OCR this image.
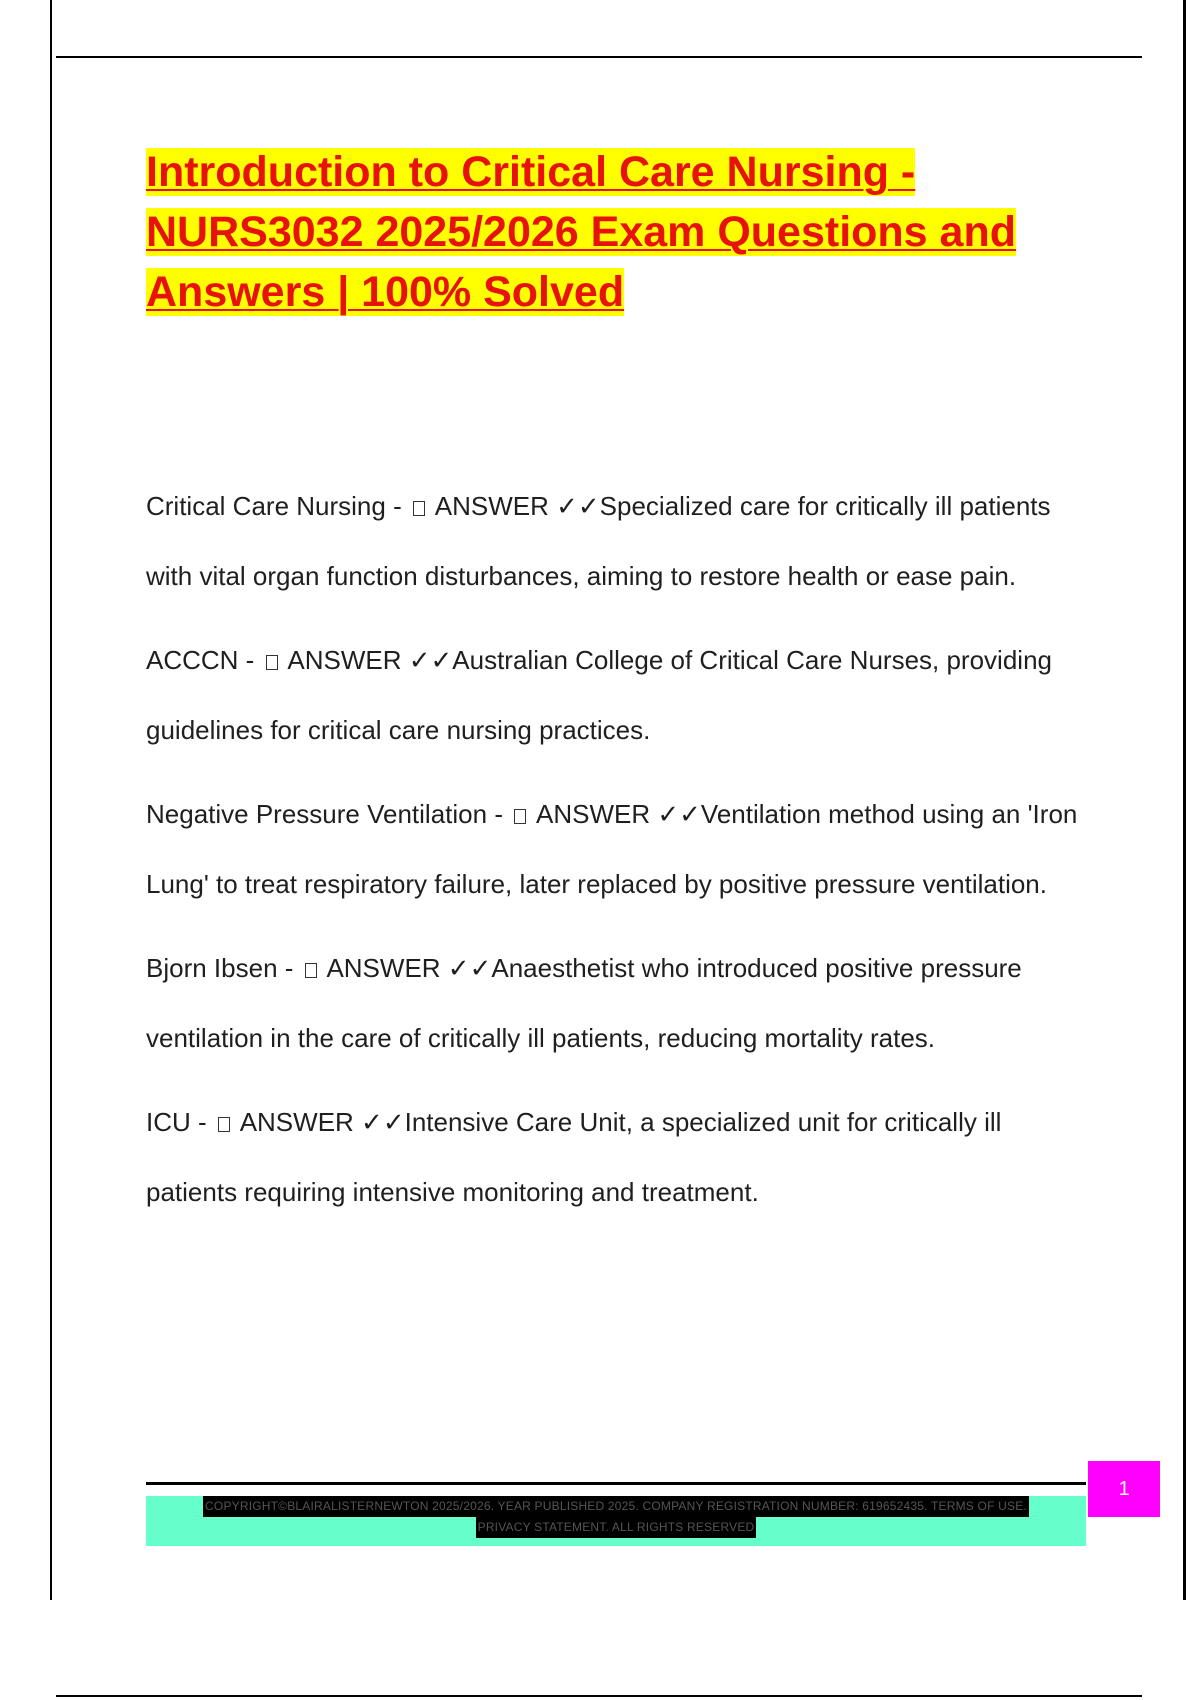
Introduction to Critical Care Nursing - NURS3032 2025/2026 Exam Questions and Answers | 100% Solved

Critical Care Nursing -  ANSWER ✓✓Specialized care for critically ill patients with vital organ function disturbances, aiming to restore health or ease pain.

ACCCN -  ANSWER ✓✓Australian College of Critical Care Nurses, providing guidelines for critical care nursing practices.

Negative Pressure Ventilation -  ANSWER ✓✓Ventilation method using an 'Iron Lung' to treat respiratory failure, later replaced by positive pressure ventilation.

Bjorn Ibsen -  ANSWER ✓✓Anaesthetist who introduced positive pressure ventilation in the care of critically ill patients, reducing mortality rates.

ICU -  ANSWER ✓✓Intensive Care Unit, a specialized unit for critically ill patients requiring intensive monitoring and treatment.

COPYRIGHT©BLAIRALISTERNEWTON 2025/2026. YEAR PUBLISHED 2025. COMPANY REGISTRATION NUMBER: 619652435. TERMS OF USE.
PRIVACY STATEMENT. ALL RIGHTS RESERVED
1
